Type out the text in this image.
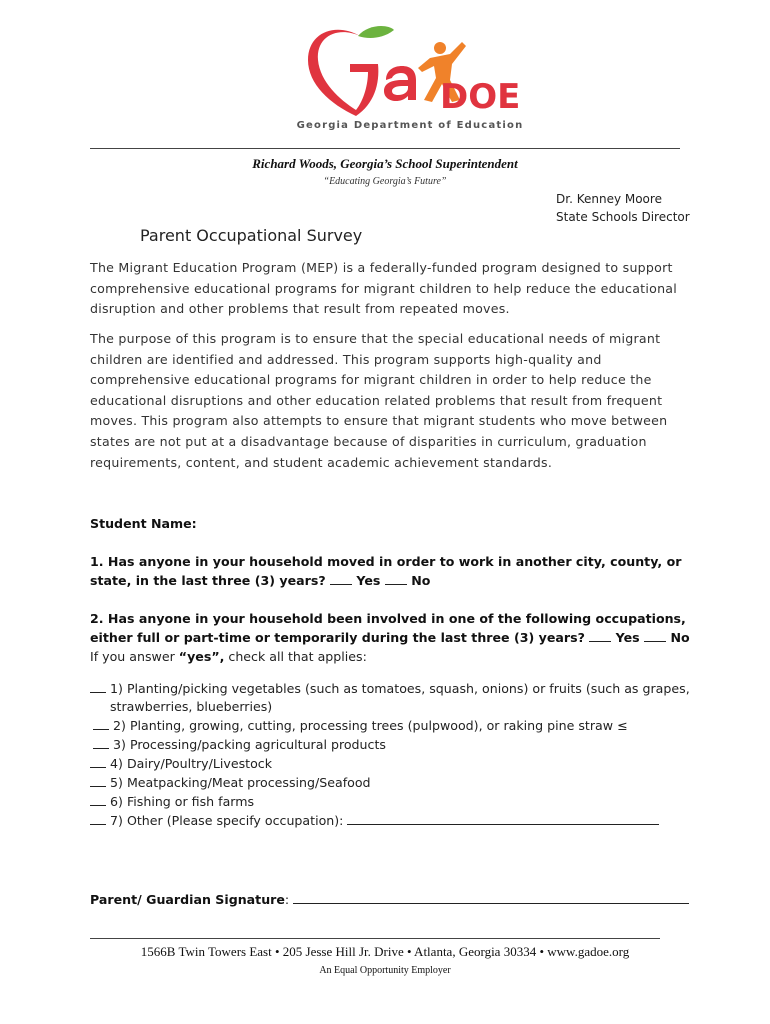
DOE
Georgia Department of Education
Richard Woods, Georgia’s School Superintendent
“Educating Georgia’s Future”
Dr. Kenney Moore
State Schools Director
Parent Occupational Survey
The Migrant Education Program (MEP) is a federally-funded program designed to support comprehensive educational programs for migrant children to help reduce the educational disruption and other problems that result from repeated moves.
The purpose of this program is to ensure that the special educational needs of migrant children are identified and addressed. This program supports high-quality and comprehensive educational programs for migrant children in order to help reduce the educational disruptions and other education related problems that result from frequent moves. This program also attempts to ensure that migrant students who move between states are not put at a disadvantage because of disparities in curriculum, graduation requirements, content, and student academic achievement standards.
Student Name:
1. Has anyone in your household moved in order to work in another city, county, or state, in the last three (3) years? Yes No
2. Has anyone in your household been involved in one of the following occupations, either full or part-time or temporarily during the last three (3) years? Yes No
If you answer “yes”, check all that applies:
1) Planting/picking vegetables (such as tomatoes, squash, onions) or fruits (such as grapes,
strawberries, blueberries)
2) Planting, growing, cutting, processing trees (pulpwood), or raking pine straw ≤
3) Processing/packing agricultural products
4) Dairy/Poultry/Livestock
5) Meatpacking/Meat processing/Seafood
6) Fishing or fish farms
7) Other (Please specify occupation):
Parent/ Guardian Signature:
1566B Twin Towers East • 205 Jesse Hill Jr. Drive • Atlanta, Georgia 30334 • www.gadoe.org
An Equal Opportunity Employer
